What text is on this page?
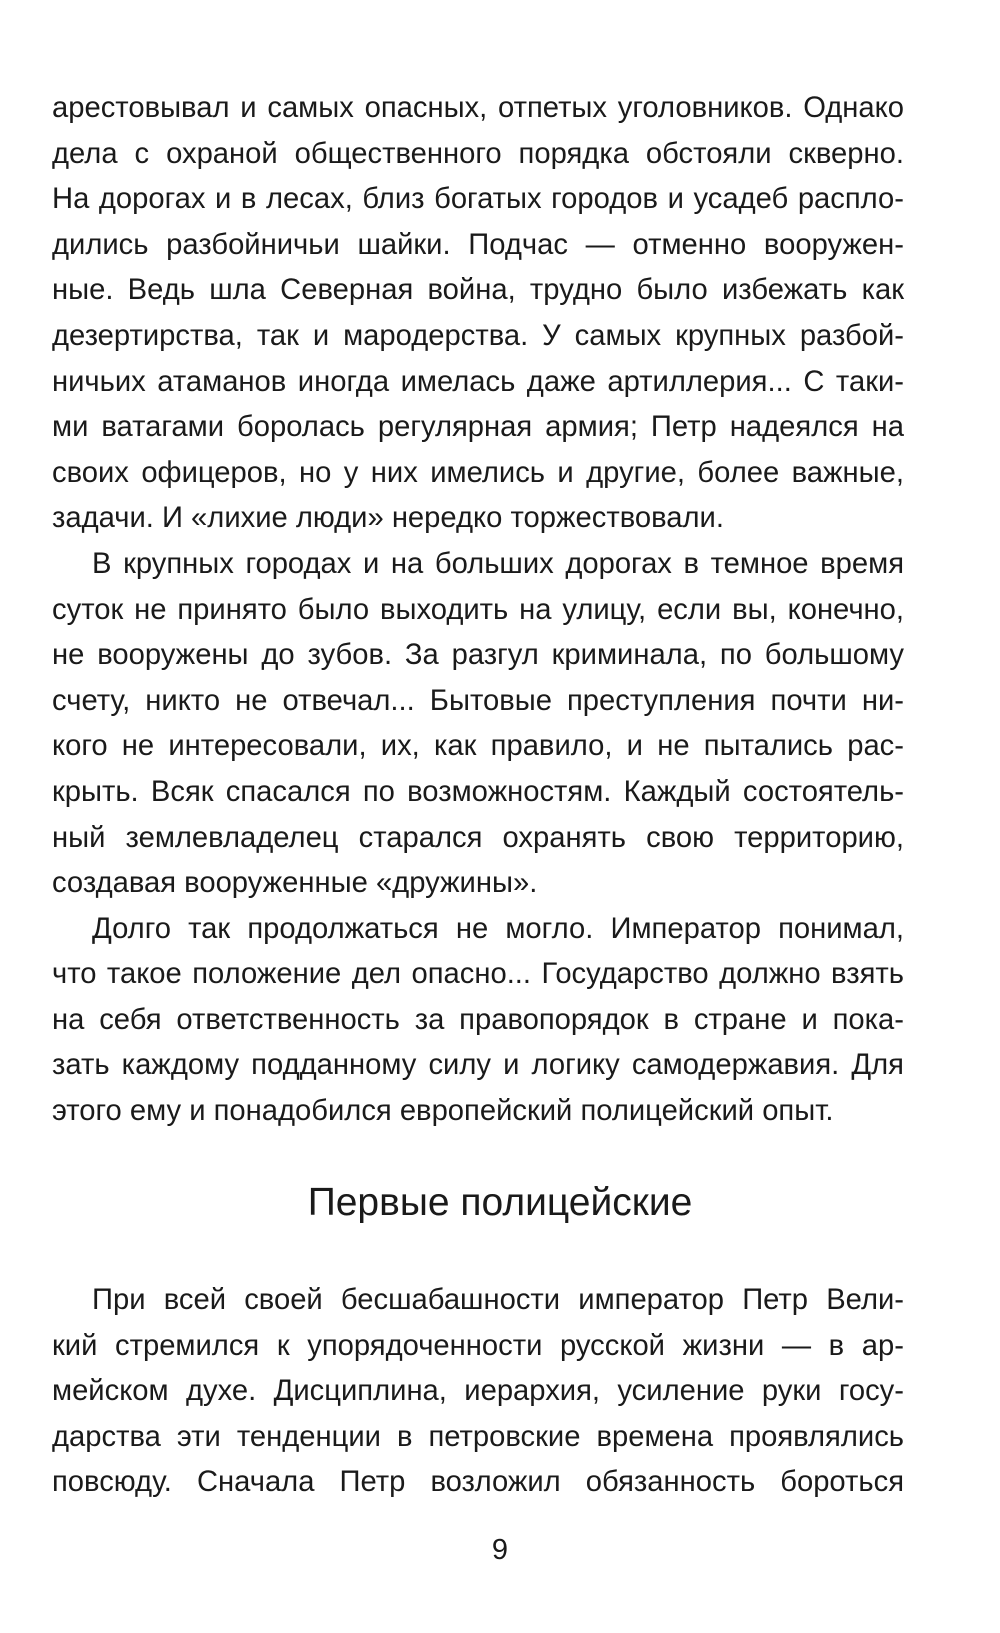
арестовывал и самых опасных, отпетых уголовников. Однако
дела с охраной общественного порядка обстояли скверно.
На дорогах и в лесах, близ богатых городов и усадеб распло-
дились разбойничьи шайки. Подчас — отменно вооружен-
ные. Ведь шла Северная война, трудно было избежать как
дезертирства, так и мародерства. У самых крупных разбой-
ничьих атаманов иногда имелась даже артиллерия... С таки-
ми ватагами боролась регулярная армия; Петр надеялся на
своих офицеров, но у них имелись и другие, более важные,
задачи. И «лихие люди» нередко торжествовали.

В крупных городах и на больших дорогах в темное время
суток не принято было выходить на улицу, если вы, конечно,
не вооружены до зубов. За разгул криминала, по большому
счету, никто не отвечал... Бытовые преступления почти ни-
кого не интересовали, их, как правило, и не пытались рас-
крыть. Всяк спасался по возможностям. Каждый состоятель-
ный землевладелец старался охранять свою территорию,
создавая вооруженные «дружины».

Долго так продолжаться не могло. Император понимал,
что такое положение дел опасно... Государство должно взять
на себя ответственность за правопорядок в стране и пока-
зать каждому подданному силу и логику самодержавия. Для
этого ему и понадобился европейский полицейский опыт.

Первые полицейские

При всей своей бесшабашности император Петр Вели-
кий стремился к упорядоченности русской жизни — в ар-
мейском духе. Дисциплина, иерархия, усиление руки госу-
дарства эти тенденции в петровские времена проявлялись
повсюду. Сначала Петр возложил обязанность бороться

9
